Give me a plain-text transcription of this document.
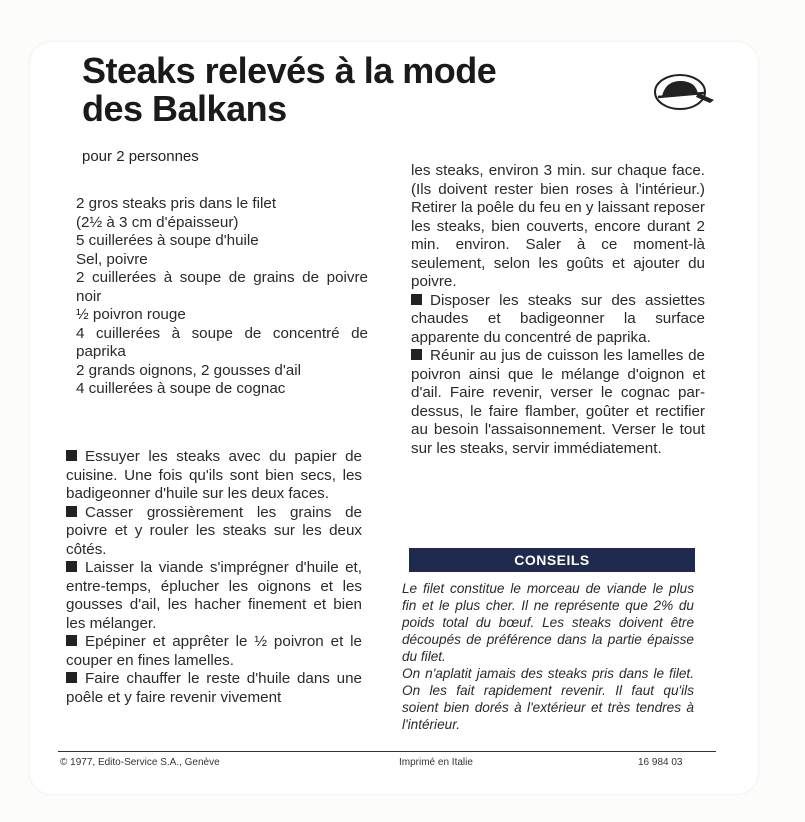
Steaks relevés à la mode
des Balkans

pour 2 personnes

2 gros steaks pris dans le filet

(2½ à 3 cm d'épaisseur)

5 cuillerées à soupe d'huile

Sel, poivre

2 cuillerées à soupe de grains de poivre noir

½ poivron rouge

4 cuillerées à soupe de concentré de paprika

2 grands oignons, 2 gousses d'ail

4 cuillerées à soupe de cognac

Essuyer les steaks avec du papier de cuisine. Une fois qu'ils sont bien secs, les badigeonner d'huile sur les deux faces.

Casser grossièrement les grains de poivre et y rouler les steaks sur les deux côtés.

Laisser la viande s'imprégner d'huile et, entre-temps, éplucher les oignons et les gousses d'ail, les hacher finement et bien les mélanger.

Epépiner et apprêter le ½ poivron et le couper en fines lamelles.

Faire chauffer le reste d'huile dans une poêle et y faire revenir vivement

les steaks, environ 3 min. sur chaque face. (Ils doivent rester bien roses à l'intérieur.) Retirer la poêle du feu en y laissant reposer les steaks, bien couverts, encore durant 2 min. environ. Saler à ce moment-là seulement, selon les goûts et ajouter du poivre.

Disposer les steaks sur des assiettes chaudes et badigeonner la surface apparente du concentré de paprika.

Réunir au jus de cuisson les lamelles de poivron ainsi que le mélange d'oignon et d'ail. Faire revenir, verser le cognac par-dessus, le faire flamber, goûter et rectifier au besoin l'assaisonnement. Verser le tout sur les steaks, servir immédiatement.

CONSEILS

Le filet constitue le morceau de viande le plus fin et le plus cher. Il ne représente que 2% du poids total du bœuf. Les steaks doivent être découpés de préférence dans la partie épaisse du filet.

On n'aplatit jamais des steaks pris dans le filet. On les fait rapidement revenir. Il faut qu'ils soient bien dorés à l'extérieur et très tendres à l'intérieur.

© 1977, Edito-Service S.A., Genève	Imprimé en Italie	16 984 03
